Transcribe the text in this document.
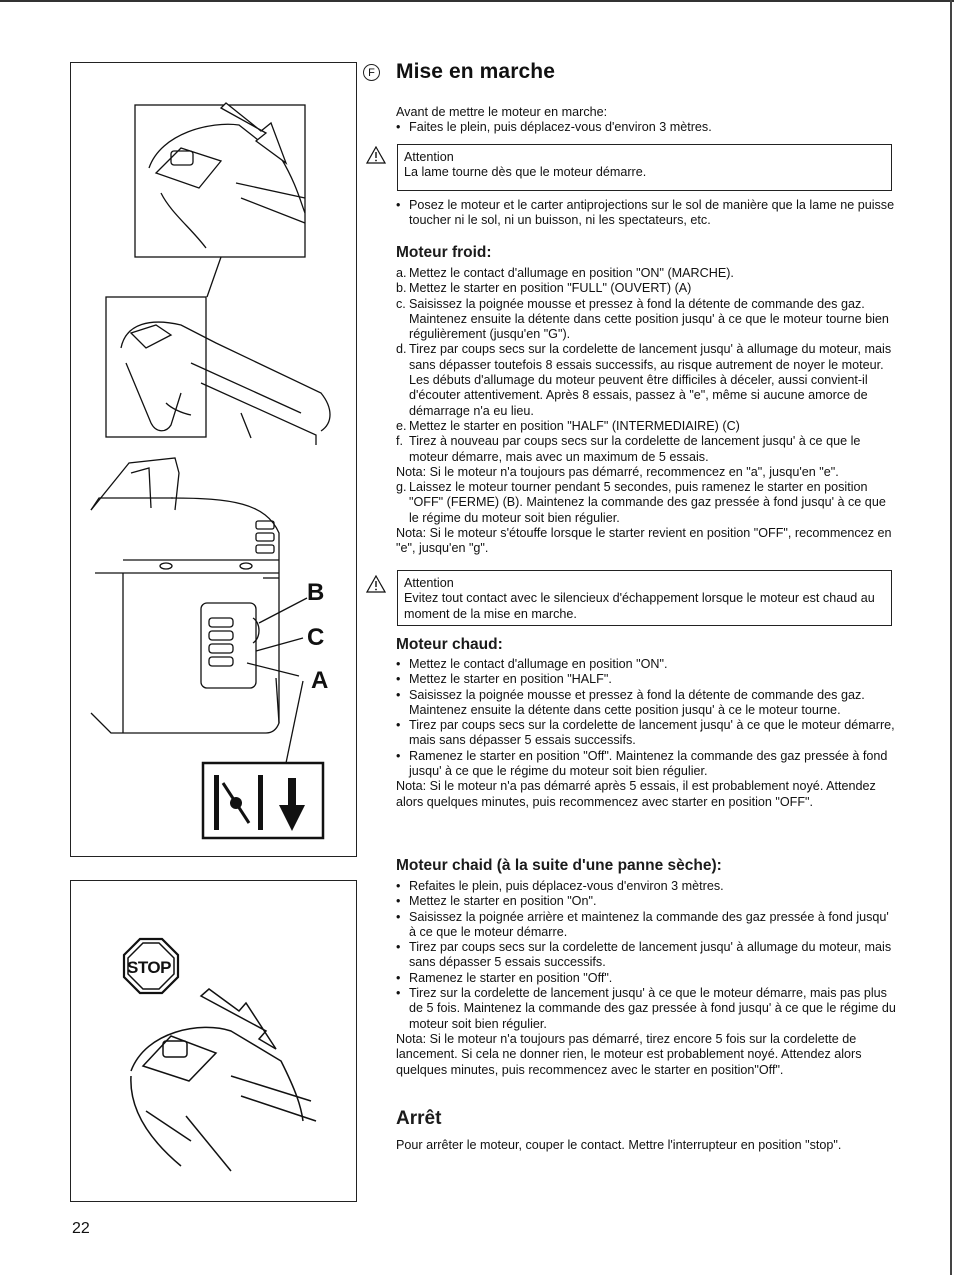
B
C
A
STOP
F Mise en marche

Avant de mettre le moteur en marche:

• Faites le plein, puis déplacez-vous d'environ 3 mètres.

Attention

La lame tourne dès que le moteur démarre.

• Posez le moteur et le carter antiprojections sur le sol de manière que la lame ne puisse toucher ni le sol, ni un buisson, ni les spectateurs, etc.
Moteur froid:
a. Mettez le contact d'allumage en position "ON" (MARCHE).
b. Mettez le starter en position "FULL" (OUVERT) (A)
c. Saisissez la poignée mousse et pressez à fond la détente de commande des gaz. Maintenez ensuite la détente dans cette position jusqu' à ce que le moteur tourne bien régulièrement (jusqu'en "G").
d. Tirez par coups secs sur la cordelette de lancement jusqu' à allumage du moteur, mais sans dépasser toutefois 8 essais successifs, au risque autrement de noyer le moteur. Les débuts d'allumage du moteur peuvent être difficiles à déceler, aussi convient-il d'écouter attentivement. Après 8 essais, passez à "e", même si aucune amorce de démarrage n'a eu lieu.
e. Mettez le starter en position "HALF" (INTERMEDIAIRE) (C)
f. Tirez à nouveau par coups secs sur la cordelette de lancement jusqu' à ce que le moteur démarre, mais avec un maximum de 5 essais.

Nota: Si le moteur n'a toujours pas démarré, recommencez en "a", jusqu'en "e".

g. Laissez le moteur tourner pendant 5 secondes, puis ramenez le starter en position "OFF" (FERME) (B). Maintenez la commande des gaz pressée à fond jusqu' à ce que le régime du moteur soit bien régulier.

Nota: Si le moteur s'étouffe lorsque le starter revient en position "OFF", recommencez en "e", jusqu'en "g".

Attention

Evitez tout contact avec le silencieux d'échappement lorsque le moteur est chaud au moment de la mise en marche.

Moteur chaud:
• Mettez le contact d'allumage en position "ON".
• Mettez le starter en position "HALF".
• Saisissez la poignée mousse et pressez à fond la détente de commande des gaz. Maintenez ensuite la détente dans cette position jusqu' à ce le moteur tourne.
• Tirez par coups secs sur la cordelette de lancement jusqu' à ce que le moteur démarre, mais sans dépasser 5 essais successifs.
• Ramenez le starter en position "Off". Maintenez la commande des gaz pressée à fond jusqu' à ce que le régime du moteur soit bien régulier.

Nota: Si le moteur n'a pas démarré après 5 essais, il est probablement noyé. Attendez alors quelques minutes, puis recommencez avec starter en position "OFF".

Moteur chaid (à la suite d'une panne sèche):
• Refaites le plein, puis déplacez-vous d'environ 3 mètres.
• Mettez le starter en position "On".
• Saisissez la poignée arrière et maintenez la commande des gaz pressée à fond jusqu' à ce que le moteur démarre.
• Tirez par coups secs sur la cordelette de lancement jusqu' à allumage du moteur, mais sans dépasser 5 essais successifs.
• Ramenez le starter en position "Off".
• Tirez sur la cordelette de lancement jusqu' à ce que le moteur démarre, mais pas plus de 5 fois. Maintenez la commande des gaz pressée à fond jusqu' à ce que le régime du moteur soit bien régulier.

Nota: Si le moteur n'a toujours pas démarré, tirez encore 5 fois sur la cordelette de lancement. Si cela ne donner rien, le moteur est probablement noyé. Attendez alors quelques minutes, puis recommencez avec le starter en position"Off".

Arrêt

Pour arrêter le moteur, couper le contact. Mettre l'interrupteur en position "stop".

22
